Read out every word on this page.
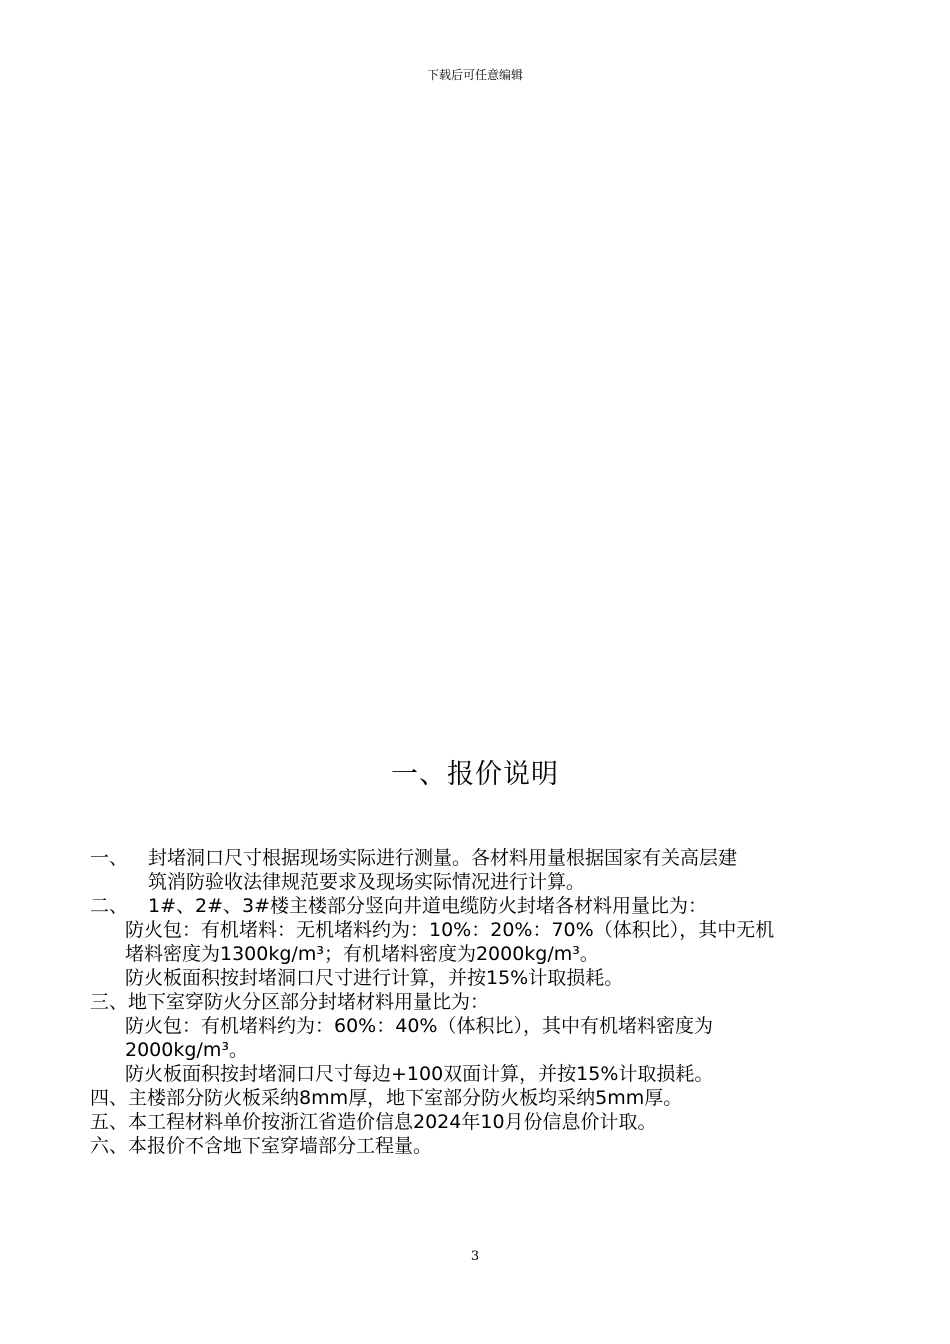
下载后可任意编辑
一、报价说明
一、 封堵洞口尺寸根据现场实际进行测量。各材料用量根据国家有关高层建
筑消防验收法律规范要求及现场实际情况进行计算。
二、 1#、2#、3#楼主楼部分竖向井道电缆防火封堵各材料用量比为：
防火包：有机堵料：无机堵料约为：10%：20%：70%（体积比），其中无机
堵料密度为1300kg/m³；有机堵料密度为2000kg/m³。
防火板面积按封堵洞口尺寸进行计算，并按15%计取损耗。
三、地下室穿防火分区部分封堵材料用量比为：
防火包：有机堵料约为：60%：40%（体积比），其中有机堵料密度为
2000kg/m³。
防火板面积按封堵洞口尺寸每边+100双面计算，并按15%计取损耗。
四、主楼部分防火板采纳8mm厚，地下室部分防火板均采纳5mm厚。
五、本工程材料单价按浙江省造价信息2024年10月份信息价计取。
六、本报价不含地下室穿墙部分工程量。
3
